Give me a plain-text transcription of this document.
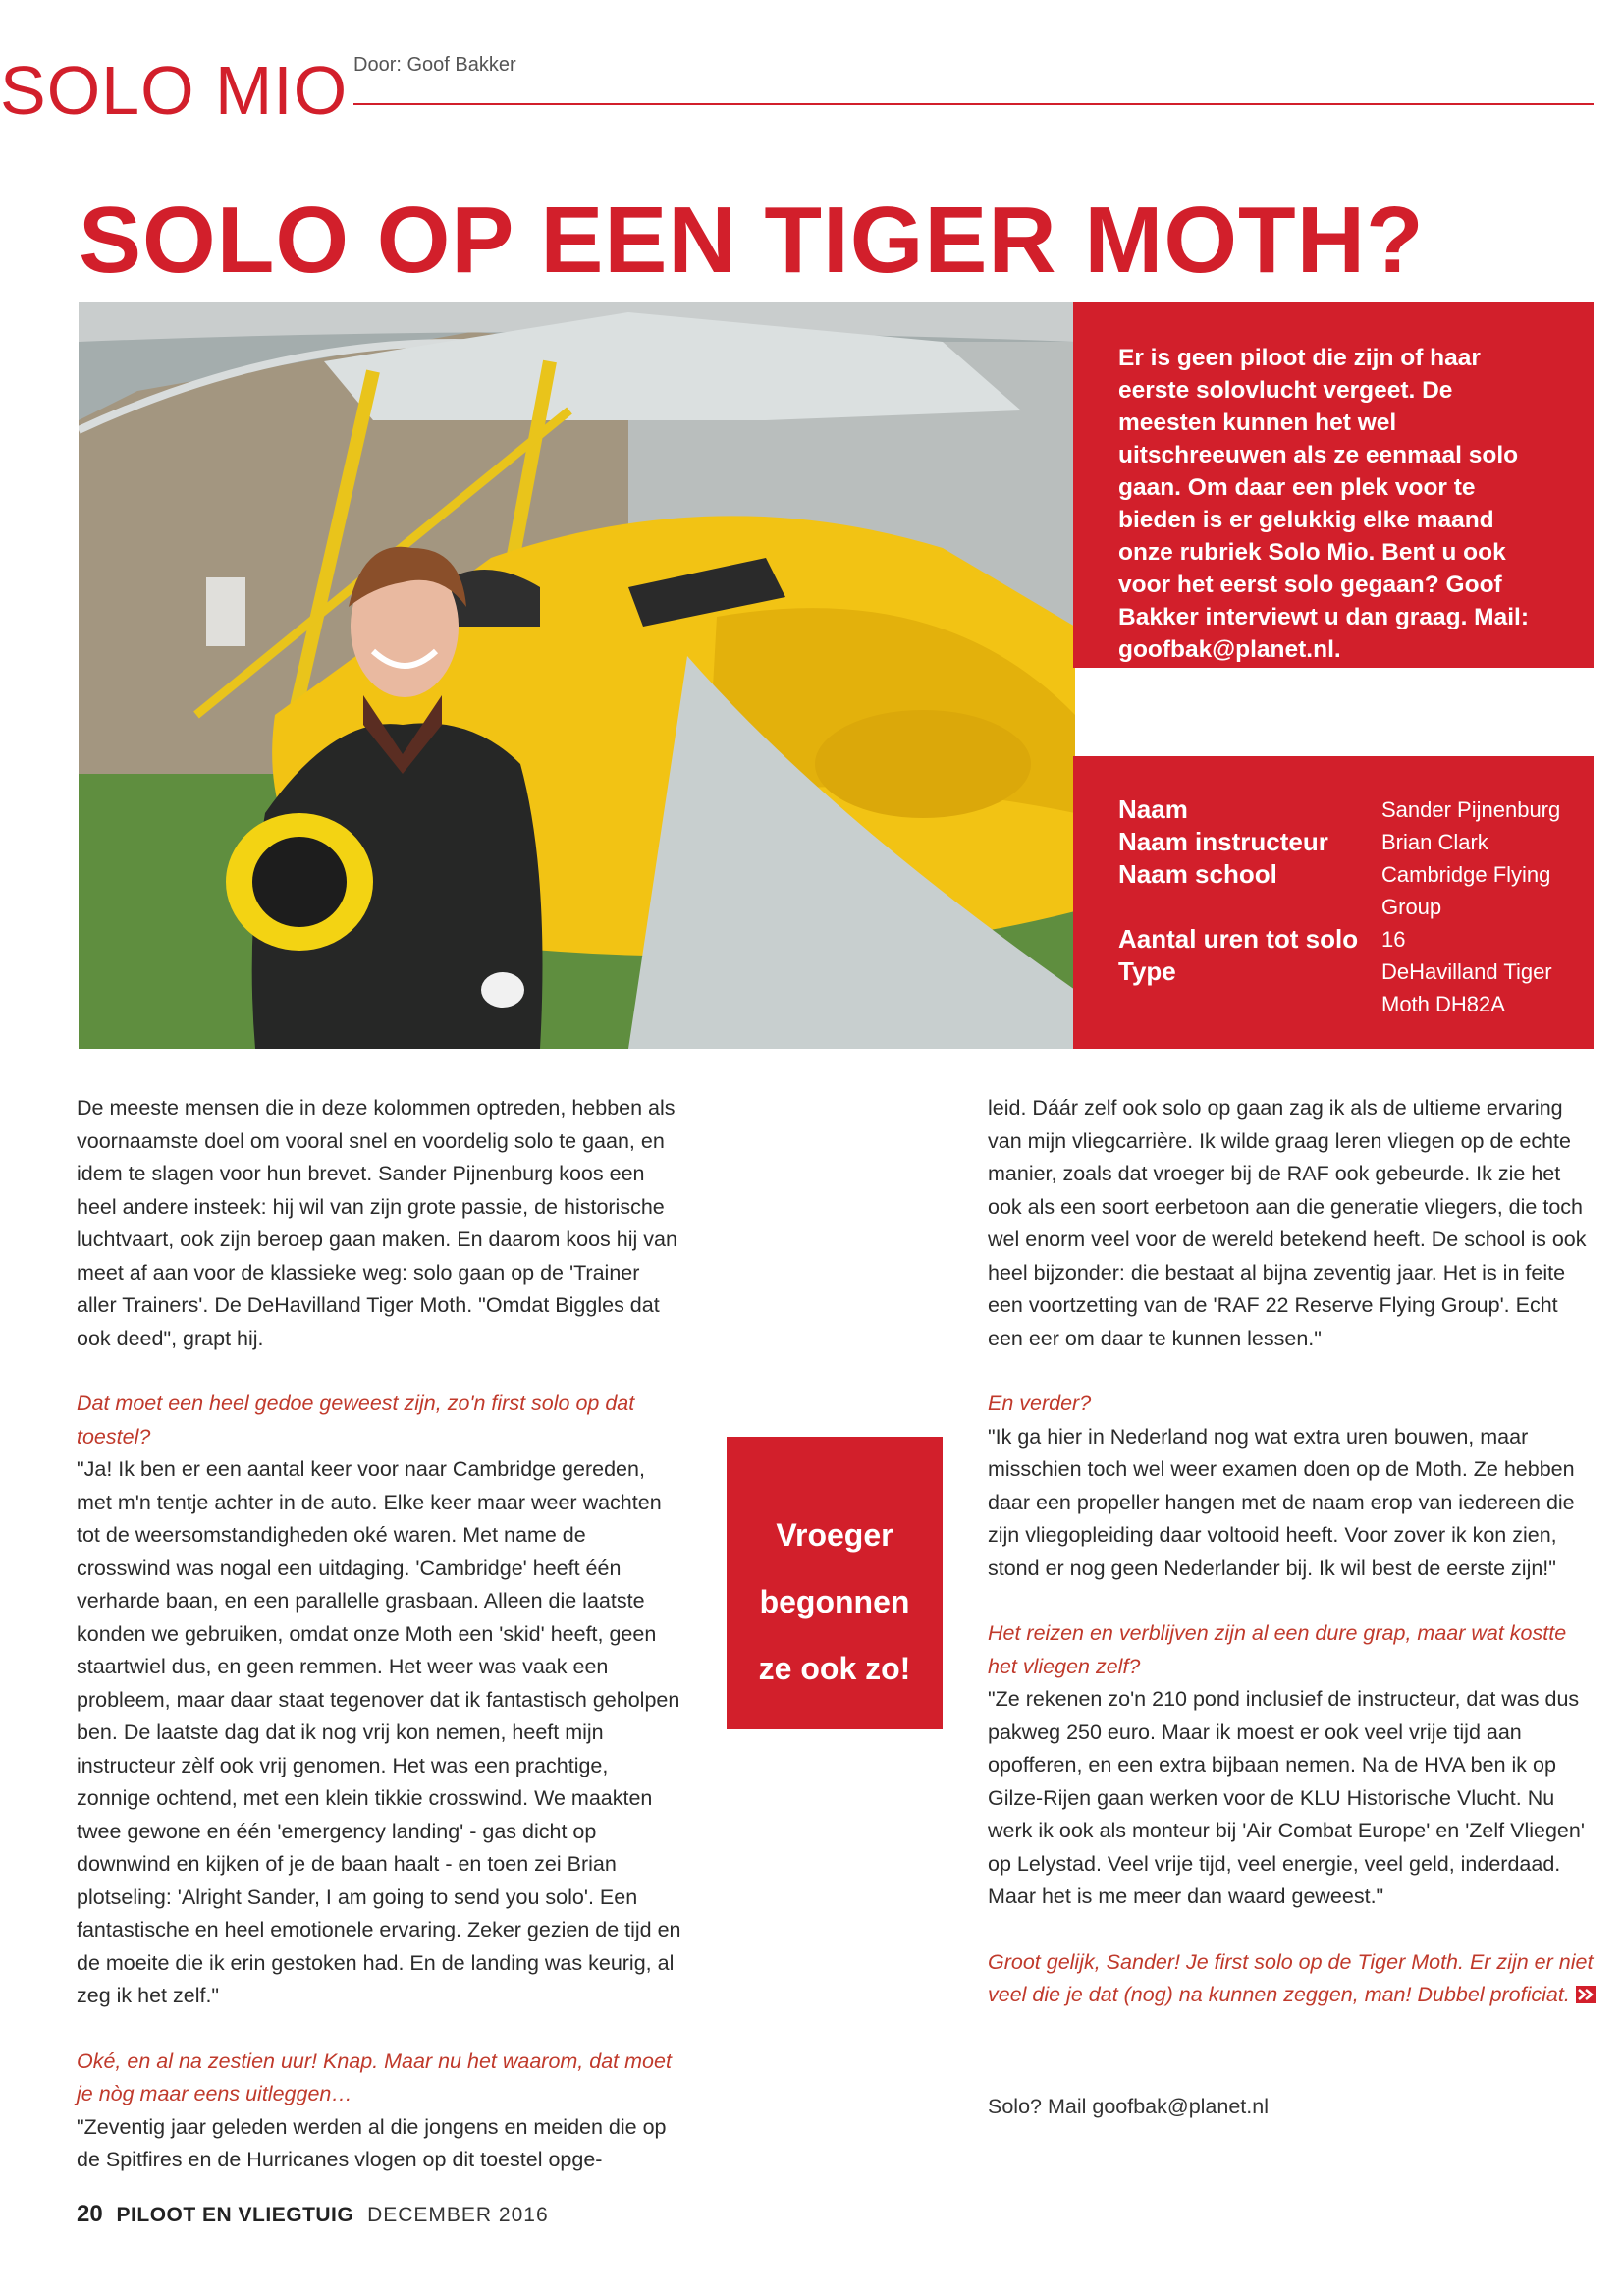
SOLO MIO Door: Goof Bakker
SOLO OP EEN TIGER MOTH?

Er is geen piloot die zijn of haar eerste solovlucht vergeet. De meesten kunnen het wel uitschreeuwen als ze eenmaal solo gaan. Om daar een plek voor te bieden is er gelukkig elke maand onze rubriek Solo Mio. Bent u ook voor het eerst solo gegaan? Goof Bakker interviewt u dan graag. Mail: goofbak@planet.nl.

Naam	Sander Pijnenburg
Naam instructeur	Brian Clark
Naam school	Cambridge Flying Group
Aantal uren tot solo	16
Type	DeHavilland Tiger Moth DH82A

De meeste mensen die in deze kolommen optreden, hebben als voornaamste doel om vooral snel en voordelig solo te gaan, en idem te slagen voor hun brevet. Sander Pijnenburg koos een heel andere insteek: hij wil van zijn grote passie, de historische luchtvaart, ook zijn beroep gaan maken. En daarom koos hij van meet af aan voor de klassieke weg: solo gaan op de 'Trainer aller Trainers'. De DeHavilland Tiger Moth. "Omdat Biggles dat ook deed", grapt hij.

Dat moet een heel gedoe geweest zijn, zo'n first solo op dat toestel?

"Ja! Ik ben er een aantal keer voor naar Cambridge gereden, met m'n tentje achter in de auto. Elke keer maar weer wachten tot de weersomstandigheden oké waren. Met name de crosswind was nogal een uitdaging. 'Cambridge' heeft één verharde baan, en een parallelle grasbaan. Alleen die laatste konden we gebruiken, omdat onze Moth een 'skid' heeft, geen staartwiel dus, en geen remmen. Het weer was vaak een probleem, maar daar staat tegenover dat ik fantastisch geholpen ben. De laatste dag dat ik nog vrij kon nemen, heeft mijn instructeur zèlf ook vrij genomen. Het was een prachtige, zonnige ochtend, met een klein tikkie crosswind. We maakten twee gewone en één 'emergency landing' - gas dicht op downwind en kijken of je de baan haalt - en toen zei Brian plotseling: 'Alright Sander, I am going to send you solo'. Een fantastische en heel emotionele ervaring. Zeker gezien de tijd en de moeite die ik erin gestoken had. En de landing was keurig, al zeg ik het zelf."

Oké, en al na zestien uur! Knap. Maar nu het waarom, dat moet je nòg maar eens uitleggen…

"Zeventig jaar geleden werden al die jongens en meiden die op de Spitfires en de Hurricanes vlogen op dit toestel opge-

Vroeger

begonnen

ze ook zo!

leid. Dáár zelf ook solo op gaan zag ik als de ultieme ervaring van mijn vliegcarrière. Ik wilde graag leren vliegen op de echte manier, zoals dat vroeger bij de RAF ook gebeurde. Ik zie het ook als een soort eerbetoon aan die generatie vliegers, die toch wel enorm veel voor de wereld betekend heeft. De school is ook heel bijzonder: die bestaat al bijna zeventig jaar. Het is in feite een voortzetting van de 'RAF 22 Reserve Flying Group'. Echt een eer om daar te kunnen lessen."

En verder?

"Ik ga hier in Nederland nog wat extra uren bouwen, maar misschien toch wel weer examen doen op de Moth. Ze hebben daar een propeller hangen met de naam erop van iedereen die zijn vliegopleiding daar voltooid heeft. Voor zover ik kon zien, stond er nog geen Nederlander bij. Ik wil best de eerste zijn!"

Het reizen en verblijven zijn al een dure grap, maar wat kostte het vliegen zelf?

"Ze rekenen zo'n 210 pond inclusief de instructeur, dat was dus pakweg 250 euro. Maar ik moest er ook veel vrije tijd aan opofferen, en een extra bijbaan nemen. Na de HVA ben ik op Gilze-Rijen gaan werken voor de KLU Historische Vlucht. Nu werk ik ook als monteur bij 'Air Combat Europe' en 'Zelf Vliegen' op Lelystad. Veel vrije tijd, veel energie, veel geld, inderdaad. Maar het is me meer dan waard geweest."

Groot gelijk, Sander! Je first solo op de Tiger Moth. Er zijn er niet veel die je dat (nog) na kunnen zeggen, man! Dubbel proficiat.

Solo? Mail goofbak@planet.nl
20 PILOOT EN VLIEGTUIG DECEMBER 2016
